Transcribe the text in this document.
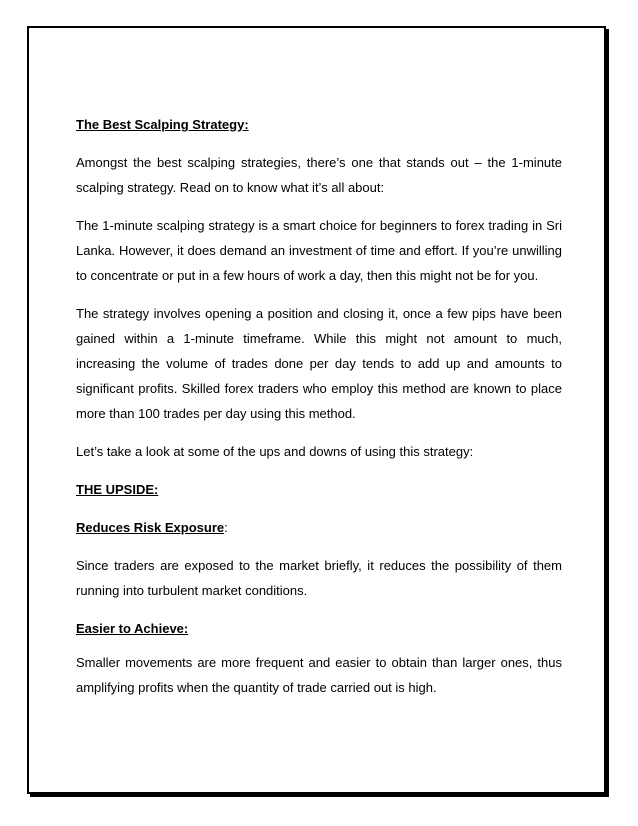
The Best Scalping Strategy:

Amongst the best scalping strategies, there’s one that stands out – the 1-minute scalping strategy. Read on to know what it’s all about:

The 1-minute scalping strategy is a smart choice for beginners to forex trading in Sri Lanka. However, it does demand an investment of time and effort. If you’re unwilling to concentrate or put in a few hours of work a day, then this might not be for you.

The strategy involves opening a position and closing it, once a few pips have been gained within a 1-minute timeframe. While this might not amount to much, increasing the volume of trades done per day tends to add up and amounts to significant profits. Skilled forex traders who employ this method are known to place more than 100 trades per day using this method.

Let’s take a look at some of the ups and downs of using this strategy:

THE UPSIDE:

Reduces Risk Exposure:

Since traders are exposed to the market briefly, it reduces the possibility of them running into turbulent market conditions.

Easier to Achieve:

Smaller movements are more frequent and easier to obtain than larger ones, thus amplifying profits when the quantity of trade carried out is high.
